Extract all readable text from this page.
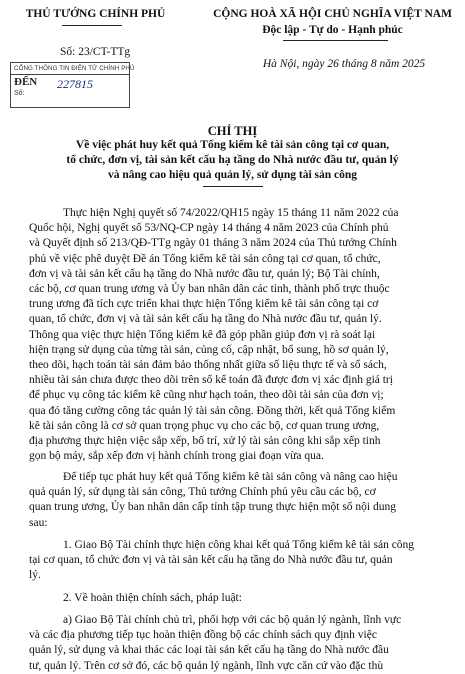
THỦ TƯỚNG CHÍNH PHỦ	CỘNG HOÀ XÃ HỘI CHỦ NGHĨA VIỆT NAM
Độc lập - Tự do - Hạnh phúc
Số: 23/CT-TTg
Hà Nội, ngày 26 tháng 8 năm 2025
CỔNG THÔNG TIN ĐIỆN TỬ CHÍNH PHỦ
ĐẾN
Số:
227815
CHỈ THỊ
Về việc phát huy kết quả Tổng kiểm kê tài sản công tại cơ quan,
tổ chức, đơn vị, tài sản kết cấu hạ tầng do Nhà nước đầu tư, quản lý
và nâng cao hiệu quả quản lý, sử dụng tài sản công
Thực hiện Nghị quyết số 74/2022/QH15 ngày 15 tháng 11 năm 2022 của
Quốc hội, Nghị quyết số 53/NQ-CP ngày 14 tháng 4 năm 2023 của Chính phủ
và Quyết định số 213/QĐ-TTg ngày 01 tháng 3 năm 2024 của Thủ tướng Chính
phủ về việc phê duyệt Đề án Tổng kiểm kê tài sản công tại cơ quan, tổ chức,
đơn vị và tài sản kết cấu hạ tầng do Nhà nước đầu tư, quản lý; Bộ Tài chính,
các bộ, cơ quan trung ương và Ủy ban nhân dân các tỉnh, thành phố trực thuộc
trung ương đã tích cực triển khai thực hiện Tổng kiểm kê tài sản công tại cơ
quan, tổ chức, đơn vị và tài sản kết cấu hạ tầng do Nhà nước đầu tư, quản lý.
Thông qua việc thực hiện Tổng kiểm kê đã góp phần giúp đơn vị rà soát lại
hiện trạng sử dụng của từng tài sản, củng cố, cập nhật, bổ sung, hồ sơ quản lý,
theo dõi, hạch toán tài sản đảm bảo thống nhất giữa số liệu thực tế và sổ sách,
nhiều tài sản chưa được theo dõi trên sổ kế toán đã được đơn vị xác định giá trị
để phục vụ công tác kiểm kê cũng như hạch toán, theo dõi tài sản của đơn vị;
qua đó tăng cường công tác quản lý tài sản công. Đồng thời, kết quả Tổng kiểm
kê tài sản công là cơ sở quan trọng phục vụ cho các bộ, cơ quan trung ương,
địa phương thực hiện việc sắp xếp, bố trí, xử lý tài sản công khi sắp xếp tinh
gọn bộ máy, sắp xếp đơn vị hành chính trong giai đoạn vừa qua.
Để tiếp tục phát huy kết quả Tổng kiểm kê tài sản công và nâng cao hiệu
quả quản lý, sử dụng tài sản công, Thủ tướng Chính phủ yêu cầu các bộ, cơ
quan trung ương, Ủy ban nhân dân cấp tỉnh tập trung thực hiện một số nội dung
sau:
1. Giao Bộ Tài chính thực hiện công khai kết quả Tổng kiểm kê tài sản công
tại cơ quan, tổ chức đơn vị và tài sản kết cấu hạ tầng do Nhà nước đầu tư, quản
lý.
2. Về hoàn thiện chính sách, pháp luật:
a) Giao Bộ Tài chính chủ trì, phối hợp với các bộ quản lý ngành, lĩnh vực
và các địa phương tiếp tục hoàn thiện đồng bộ các chính sách quy định việc
quản lý, sử dụng và khai thác các loại tài sản kết cấu hạ tầng do Nhà nước đầu
tư, quản lý. Trên cơ sở đó, các bộ quản lý ngành, lĩnh vực căn cứ vào đặc thù
